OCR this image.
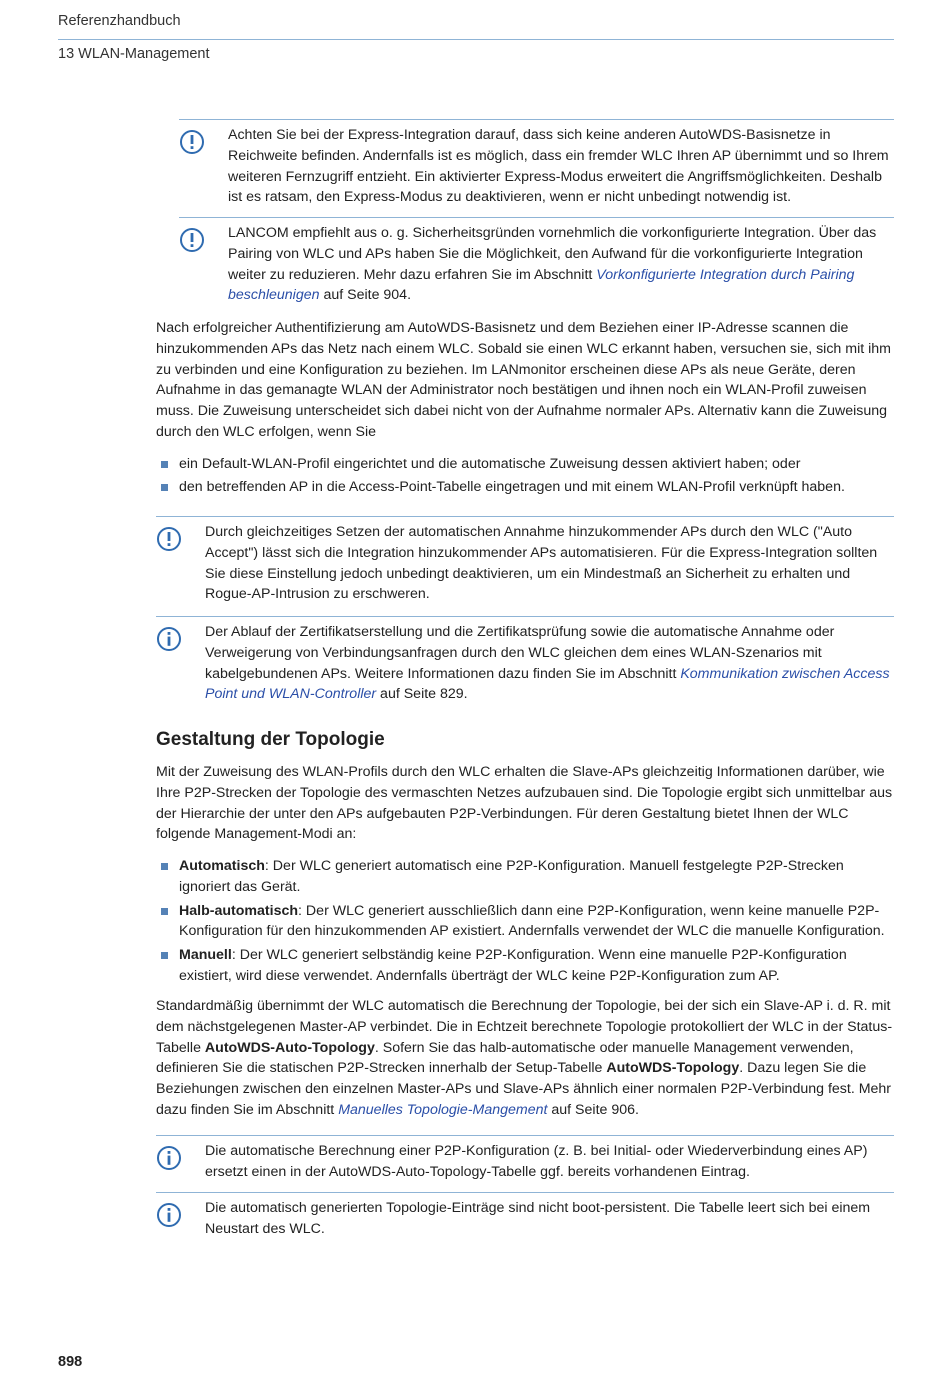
Referenzhandbuch
13 WLAN-Management
Achten Sie bei der Express-Integration darauf, dass sich keine anderen AutoWDS-Basisnetze in Reichweite befinden. Andernfalls ist es möglich, dass ein fremder WLC Ihren AP übernimmt und so Ihrem weiteren Fernzugriff entzieht. Ein aktivierter Express-Modus erweitert die Angriffsmöglichkeiten. Deshalb ist es ratsam, den Express-Modus zu deaktivieren, wenn er nicht unbedingt notwendig ist.
LANCOM empfiehlt aus o. g. Sicherheitsgründen vornehmlich die vorkonfigurierte Integration. Über das Pairing von WLC und APs haben Sie die Möglichkeit, den Aufwand für die vorkonfigurierte Integration weiter zu reduzieren. Mehr dazu erfahren Sie im Abschnitt Vorkonfigurierte Integration durch Pairing beschleunigen auf Seite 904.

Nach erfolgreicher Authentifizierung am AutoWDS-Basisnetz und dem Beziehen einer IP-Adresse scannen die hinzukommenden APs das Netz nach einem WLC. Sobald sie einen WLC erkannt haben, versuchen sie, sich mit ihm zu verbinden und eine Konfiguration zu beziehen. Im LANmonitor erscheinen diese APs als neue Geräte, deren Aufnahme in das gemanagte WLAN der Administrator noch bestätigen und ihnen noch ein WLAN-Profil zuweisen muss. Die Zuweisung unterscheidet sich dabei nicht von der Aufnahme normaler APs. Alternativ kann die Zuweisung durch den WLC erfolgen, wenn Sie

ein Default-WLAN-Profil eingerichtet und die automatische Zuweisung dessen aktiviert haben; oder
den betreffenden AP in die Access-Point-Tabelle eingetragen und mit einem WLAN-Profil verknüpft haben.
Durch gleichzeitiges Setzen der automatischen Annahme hinzukommender APs durch den WLC ("Auto Accept") lässt sich die Integration hinzukommender APs automatisieren. Für die Express-Integration sollten Sie diese Einstellung jedoch unbedingt deaktivieren, um ein Mindestmaß an Sicherheit zu erhalten und Rogue-AP-Intrusion zu erschweren.
Der Ablauf der Zertifikatserstellung und die Zertifikatsprüfung sowie die automatische Annahme oder Verweigerung von Verbindungsanfragen durch den WLC gleichen dem eines WLAN-Szenarios mit kabelgebundenen APs. Weitere Informationen dazu finden Sie im Abschnitt Kommunikation zwischen Access Point und WLAN-Controller auf Seite 829.
Gestaltung der Topologie

Mit der Zuweisung des WLAN-Profils durch den WLC erhalten die Slave-APs gleichzeitig Informationen darüber, wie Ihre P2P-Strecken der Topologie des vermaschten Netzes aufzubauen sind. Die Topologie ergibt sich unmittelbar aus der Hierarchie der unter den APs aufgebauten P2P-Verbindungen. Für deren Gestaltung bietet Ihnen der WLC folgende Management-Modi an:

Automatisch: Der WLC generiert automatisch eine P2P-Konfiguration. Manuell festgelegte P2P-Strecken ignoriert das Gerät.
Halb-automatisch: Der WLC generiert ausschließlich dann eine P2P-Konfiguration, wenn keine manuelle P2P-Konfiguration für den hinzukommenden AP existiert. Andernfalls verwendet der WLC die manuelle Konfiguration.
Manuell: Der WLC generiert selbständig keine P2P-Konfiguration. Wenn eine manuelle P2P-Konfiguration existiert, wird diese verwendet. Andernfalls überträgt der WLC keine P2P-Konfiguration zum AP.

Standardmäßig übernimmt der WLC automatisch die Berechnung der Topologie, bei der sich ein Slave-AP i. d. R. mit dem nächstgelegenen Master-AP verbindet. Die in Echtzeit berechnete Topologie protokolliert der WLC in der Status-Tabelle AutoWDS-Auto-Topology. Sofern Sie das halb-automatische oder manuelle Management verwenden, definieren Sie die statischen P2P-Strecken innerhalb der Setup-Tabelle AutoWDS-Topology. Dazu legen Sie die Beziehungen zwischen den einzelnen Master-APs und Slave-APs ähnlich einer normalen P2P-Verbindung fest. Mehr dazu finden Sie im Abschnitt Manuelles Topologie-Mangement auf Seite 906.

Die automatische Berechnung einer P2P-Konfiguration (z. B. bei Initial- oder Wiederverbindung eines AP) ersetzt einen in der AutoWDS-Auto-Topology-Tabelle ggf. bereits vorhandenen Eintrag.
Die automatisch generierten Topologie-Einträge sind nicht boot-persistent. Die Tabelle leert sich bei einem Neustart des WLC.
898
